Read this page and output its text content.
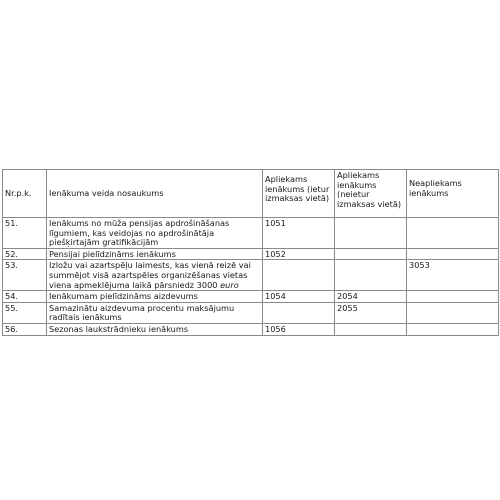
Nr.p.k.	Ienākuma veida nosaukums	Apliekams ienākums (ietur izmaksas vietā)	Apliekams ienākums (neietur izmaksas vietā)	Neapliekams ienākums
51.	Ienākums no mūža pensijas apdrošināšanas līgumiem, kas veidojas no apdrošinātāja piešķirtajām gratifikācijām	1051		
52.	Pensijai pielīdzināms ienākums	1052		
53.	Izložu vai azartspēļu laimests, kas vienā reizē vai summējot visā azartspēles organizēšanas vietas viena apmeklējuma laikā pārsniedz 3000 euro			3053
54.	Ienākumam pielīdzināms aizdevums	1054	2054	
55.	Samazinātu aizdevuma procentu maksājumu radītais ienākums		2055	
56.	Sezonas laukstrādnieku ienākums	1056		
